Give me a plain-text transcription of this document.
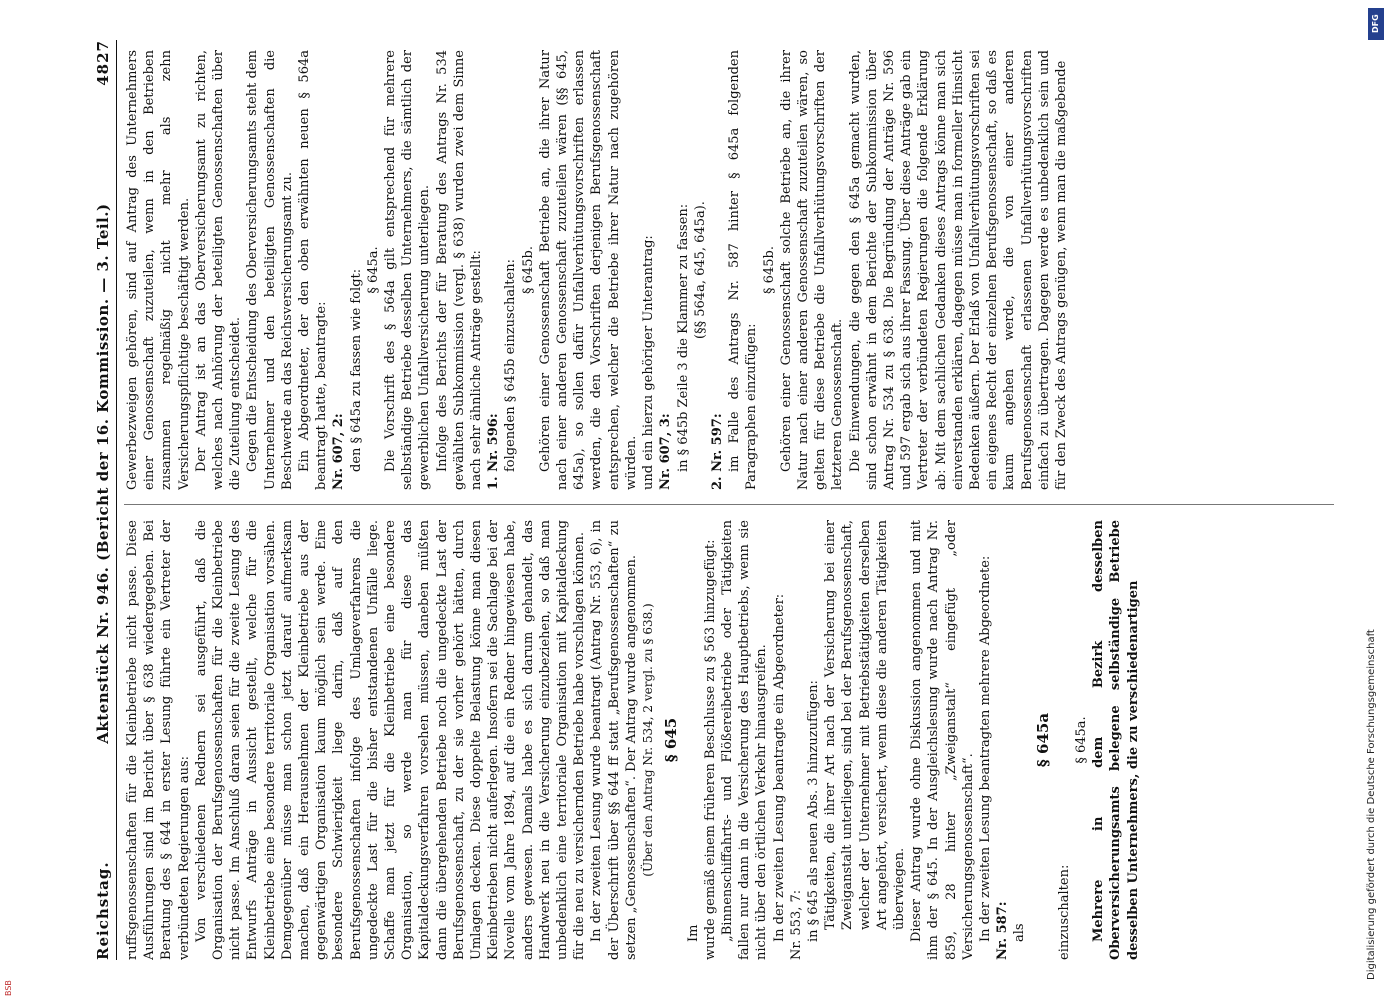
Reichstag.
Aktenstück Nr. 946. (Bericht der 16. Kommission. — 3. Teil.)
4827

ruffsgenossenschaften für die Kleinbetriebe nicht passe. Diese Ausführungen sind im Bericht über § 638 wiedergegeben. Bei Beratung des § 644 in erster Lesung führte ein Vertreter der verbündeten Regierungen aus: Von verschiedenen Rednern sei ausgeführt, daß die Organisation der Berufsgenossenschaften für die Kleinbetriebe nicht passe. Im Anschluß daran seien für die zweite Lesung des Entwurfs Anträge in Aussicht gestellt, welche für die Kleinbetriebe eine besondere territoriale Organisation vorsähen. Demgegenüber müsse man schon jetzt darauf aufmerksam machen, daß ein Herausnehmen der Kleinbetriebe aus der gegenwärtigen Organisation kaum möglich sein werde. Eine besondere Schwierigkeit liege darin, daß auf den Berufsgenossenschaften infolge des Umlageverfahrens die ungedeckte Last für die bisher entstandenen Unfälle liege. Schaffe man jetzt für die Kleinbetriebe eine besondere Organisation, so werde man für diese das Kapitaldeckungsverfahren vorsehen müssen, daneben müßten dann die übergehenden Betriebe noch die ungedeckte Last der Berufsgenossenschaft, zu der sie vorher gehört hätten, durch Umlagen decken. Diese doppelte Belastung könne man diesen Kleinbetrieben nicht auferlegen. Insofern sei die Sachlage bei der Novelle vom Jahre 1894, auf die ein Redner hingewiesen habe, anders gewesen. Damals habe es sich darum gehandelt, das Handwerk neu in die Versicherung einzubeziehen, so daß man unbedenklich eine territoriale Organisation mit Kapitaldeckung für die neu zu versichernden Betriebe habe vorschlagen können. In der zweiten Lesung wurde beantragt (Antrag Nr. 553, 6), in der Überschrift über §§ 644 ff statt „Berufsgenossenschaften“ zu setzen „Genossenschaften“. Der Antrag wurde angenommen. (Über den Antrag Nr. 534, 2 vergl. zu § 638.) § 645

Im wurde gemäß einem früheren Beschlusse zu § 563 hinzugefügt: „Binnenschiffahrts- und Flößereibetriebe oder Tätigkeiten fallen nur dann in die Versicherung des Hauptbetriebs, wenn sie nicht über den örtlichen Verkehr hinausgreifen. In der zweiten Lesung beantragte ein Abgeordneter: Nr. 553, 7: in § 645 als neuen Abs. 3 hinzuzufügen: Tätigkeiten, die ihrer Art nach der Versicherung bei einer Zweiganstalt unterliegen, sind bei der Berufsgenossenschaft, welcher der Unternehmer mit Betriebstätigkeiten derselben Art angehört, versichert, wenn diese die anderen Tätigkeiten überwiegen. Dieser Antrag wurde ohne Diskussion angenommen und mit ihm der § 645. In der Ausgleichslesung wurde nach Antrag Nr. 859, 28 hinter „Zweiganstalt“ eingefügt „oder Versicherungsgenossenschaft“. In der zweiten Lesung beantragten mehrere Abgeordnete: Nr. 587: als

§ 645a

einzuschalten:

§ 645a. Mehrere in dem Bezirk desselben Oberversicherungsamts belegene selbständige Betriebe desselben Unternehmers, die zu verschiedenartigen

Gewerbezweigen gehören, sind auf Antrag des Unternehmers einer Genossenschaft zuzuteilen, wenn in den Betrieben zusammen regelmäßig nicht mehr als zehn Versicherungspflichtige beschäftigt werden. Der Antrag ist an das Oberversicherungsamt zu richten, welches nach Anhörung der beteiligten Genossenschaften über die Zuteilung entscheidet. Gegen die Entscheidung des Oberversicherungsamts steht dem Unternehmer und den beteiligten Genossenschaften die Beschwerde an das Reichsversicherungsamt zu. Ein Abgeordneter, der den oben erwähnten neuen § 564a beantragt hatte, beantragte: Nr. 607, 2: den § 645a zu fassen wie folgt: § 645a. Die Vorschrift des § 564a gilt entsprechend für mehrere selbständige Betriebe desselben Unternehmers, die sämtlich der gewerblichen Unfallversicherung unterliegen. Infolge des Berichts der für Beratung des Antrags Nr. 534 gewählten Subkommission (vergl. § 638) wurden zwei dem Sinne nach sehr ähnliche Anträge gestellt: 1. Nr. 596: folgenden § 645b einzuschalten: § 645b. Gehören einer Genossenschaft Betriebe an, die ihrer Natur nach einer anderen Genossenschaft zuzuteilen wären (§§ 645, 645a), so sollen dafür Unfallverhütungsvorschriften erlassen werden, die den Vorschriften derjenigen Berufsgenossenschaft entsprechen, welcher die Betriebe ihrer Natur nach zugehören würden. und ein hierzu gehöriger Unterantrag: Nr. 607, 3: in § 645b Zeile 3 die Klammer zu fassen: (§§ 564a, 645, 645a).

2. Nr. 597: im Falle des Antrags Nr. 587 hinter § 645a folgenden Paragraphen einzufügen:

§ 645b. Gehören einer Genossenschaft solche Betriebe an, die ihrer Natur nach einer anderen Genossenschaft zuzuteilen wären, so gelten für diese Betriebe die Unfallverhütungsvorschriften der letzteren Genossenschaft. Die Einwendungen, die gegen den § 645a gemacht wurden, sind schon erwähnt in dem Berichte der Subkommission über Antrag Nr. 534 zu § 638. Die Begründung der Anträge Nr. 596 und 597 ergab sich aus ihrer Fassung. Über diese Anträge gab ein Vertreter der verbündeten Regierungen die folgende Erklärung ab: Mit dem sachlichen Gedanken dieses Antrags könne man sich einverstanden erklären, dagegen müsse man in formeller Hinsicht Bedenken äußern. Der Erlaß von Unfallverhütungsvorschriften sei ein eigenes Recht der einzelnen Berufsgenossenschaft, so daß es kaum angehen werde, die von einer anderen Berufsgenossenschaft erlassenen Unfallverhütungsvorschriften einfach zu übertragen. Dagegen werde es unbedenklich sein und für den Zweck des Antrags genügen, wenn man die maßgebende

Digitalisierung gefördert durch die Deutsche Forschungsgemeinschaft
DFG
BSB
